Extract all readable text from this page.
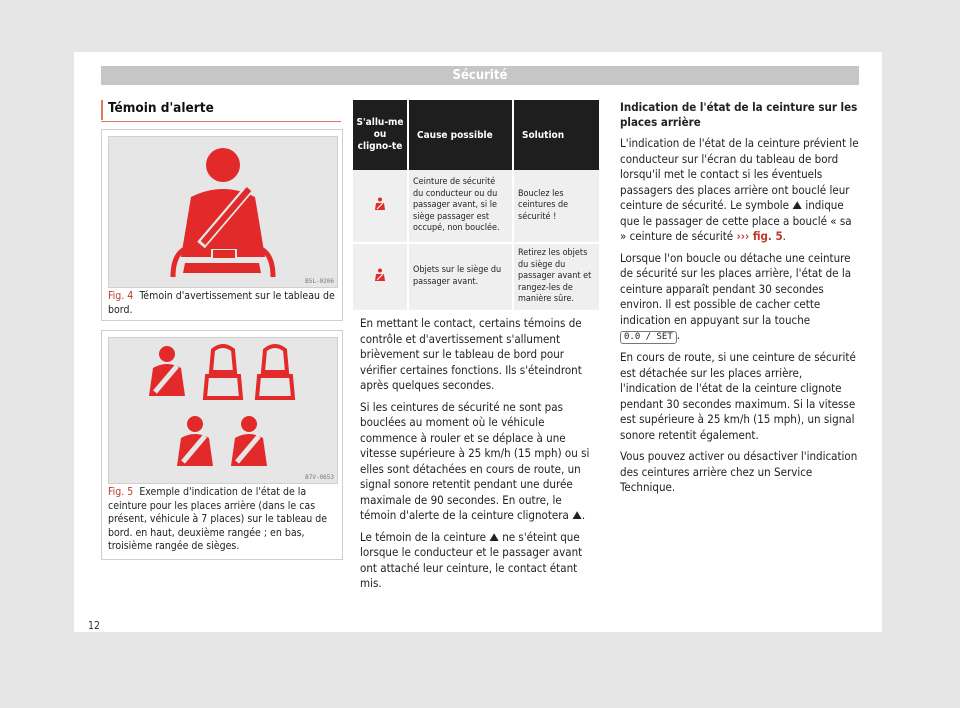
Sécurité
Témoin d'alerte
B5L-0206
Fig. 4 Témoin d'avertissement sur le tableau de bord.
B7V-0653
Fig. 5 Exemple d'indication de l'état de la ceinture pour les places arrière (dans le cas présent, véhicule à 7 places) sur le tableau de bord. en haut, deuxième rangée ; en bas, troisième rangée de sièges.
S'allu-me ou cligno-te	Cause possible	Solution
	Ceinture de sécurité du conducteur ou du passager avant, si le siège passager est occupé, non bouclée.	Bouclez les ceintures de sécurité !
	Objets sur le siège du passager avant.	Retirez les objets du siège du passager avant et rangez-les de manière sûre.

En mettant le contact, certains témoins de contrôle et d'avertissement s'allument brièvement sur le tableau de bord pour vérifier certaines fonctions. Ils s'éteindront après quelques secondes.

Si les ceintures de sécurité ne sont pas bouclées au moment où le véhicule commence à rouler et se déplace à une vitesse supérieure à 25 km/h (15 mph) ou si elles sont détachées en cours de route, un signal sonore retentit pendant une durée maximale de 90 secondes. En outre, le témoin d'alerte de la ceinture clignotera ⛰.

Le témoin de la ceinture ⛰ ne s'éteint que lorsque le conducteur et le passager avant ont attaché leur ceinture, le contact étant mis.

Indication de l'état de la ceinture sur les places arrière

L'indication de l'état de la ceinture prévient le conducteur sur l'écran du tableau de bord lorsqu'il met le contact si les éventuels passagers des places arrière ont bouclé leur ceinture de sécurité. Le symbole ⛰ indique que le passager de cette place a bouclé « sa » ceinture de sécurité ››› fig. 5.

Lorsque l'on boucle ou détache une ceinture de sécurité sur les places arrière, l'état de la ceinture apparaît pendant 30 secondes environ. Il est possible de cacher cette indication en appuyant sur la touche 0.0 / SET .

En cours de route, si une ceinture de sécurité est détachée sur les places arrière, l'indication de l'état de la ceinture clignote pendant 30 secondes maximum. Si la vitesse est supérieure à 25 km/h (15 mph), un signal sonore retentit également.

Vous pouvez activer ou désactiver l'indication des ceintures arrière chez un Service Technique.

12
